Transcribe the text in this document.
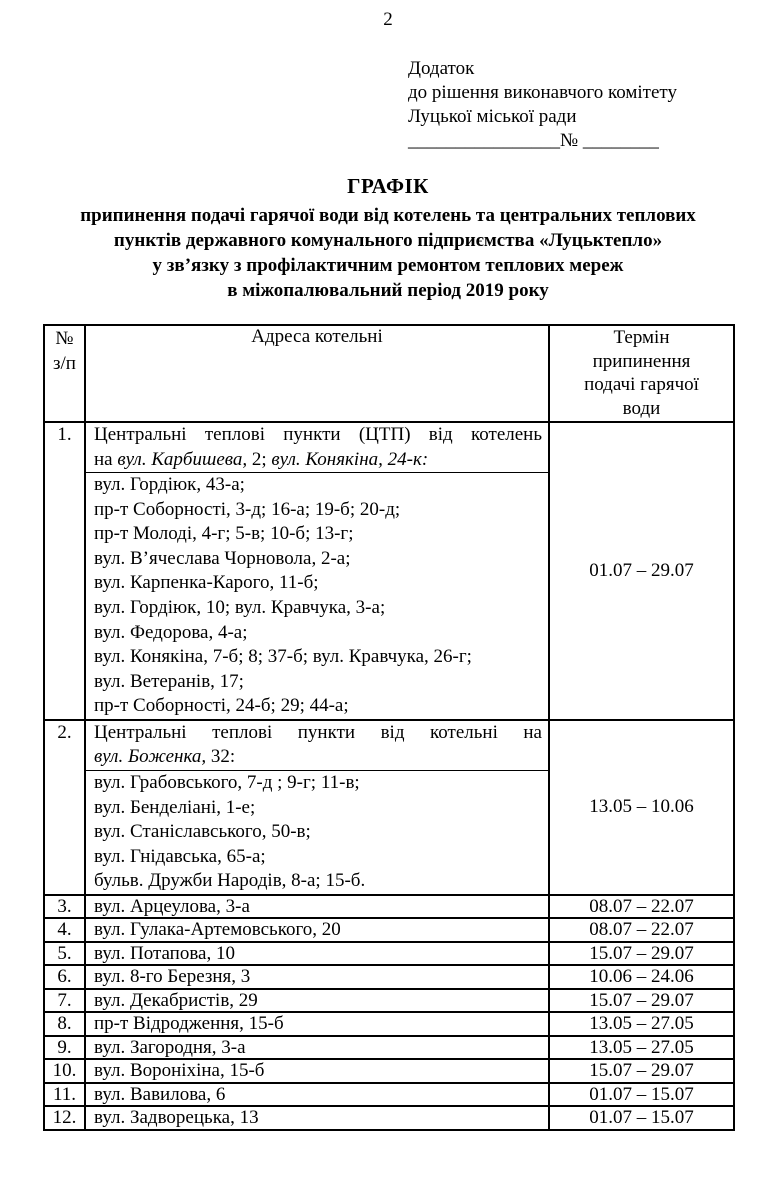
2
Додаток
до рішення виконавчого комітету
Луцької міської ради
________________№ ________
ГРАФІК
припинення подачі гарячої води від котелень та центральних теплових
пунктів державного комунального підприємства «Луцьктепло»
у зв’язку з профілактичним ремонтом теплових мереж
в міжопалювальний період 2019 року
№
з/п
	Адреса котельні	Термін
припинення
подачі гарячої
води

1.	Центральні теплові пункти (ЦТП) від котелень
на вул. Карбишева, 2; вул. Конякіна, 24-к:
вул. Гордіюк, 43-а;
пр-т Соборності, 3-д; 16-а; 19-б; 20-д;
пр-т Молоді, 4-г; 5-в; 10-б; 13-г;
вул. В’ячеслава Чорновола, 2-а;
вул. Карпенка-Карого, 11-б;
вул. Гордіюк, 10; вул. Кравчука, 3-а;
вул. Федорова, 4-а;
вул. Конякіна, 7-б; 8; 37-б; вул. Кравчука, 26-г;
вул. Ветеранів, 17;
пр-т Соборності, 24-б; 29; 44-а;
	01.07 – 29.07
2.	Центральні теплові пункти від котельні на
вул. Боженка, 32:
вул. Грабовського, 7-д ; 9-г; 11-в;
вул. Бенделіані, 1-е;
вул. Станіславського, 50-в;
вул. Гнідавська, 65-а;
бульв. Дружби Народів, 8-а; 15-б.
	13.05 – 10.06
3.	вул. Арцеулова, 3-а	08.07 – 22.07
4.	вул. Гулака-Артемовського, 20	08.07 – 22.07
5.	вул. Потапова, 10	15.07 – 29.07
6.	вул. 8-го Березня, 3	10.06 – 24.06
7.	вул. Декабристів, 29	15.07 – 29.07
8.	пр-т Відродження, 15-б	13.05 – 27.05
9.	вул. Загородня, 3-а	13.05 – 27.05
10.	вул. Вороніхіна, 15-б	15.07 – 29.07
11.	вул. Вавилова, 6	01.07 – 15.07
12.	вул. Задворецька, 13	01.07 – 15.07
